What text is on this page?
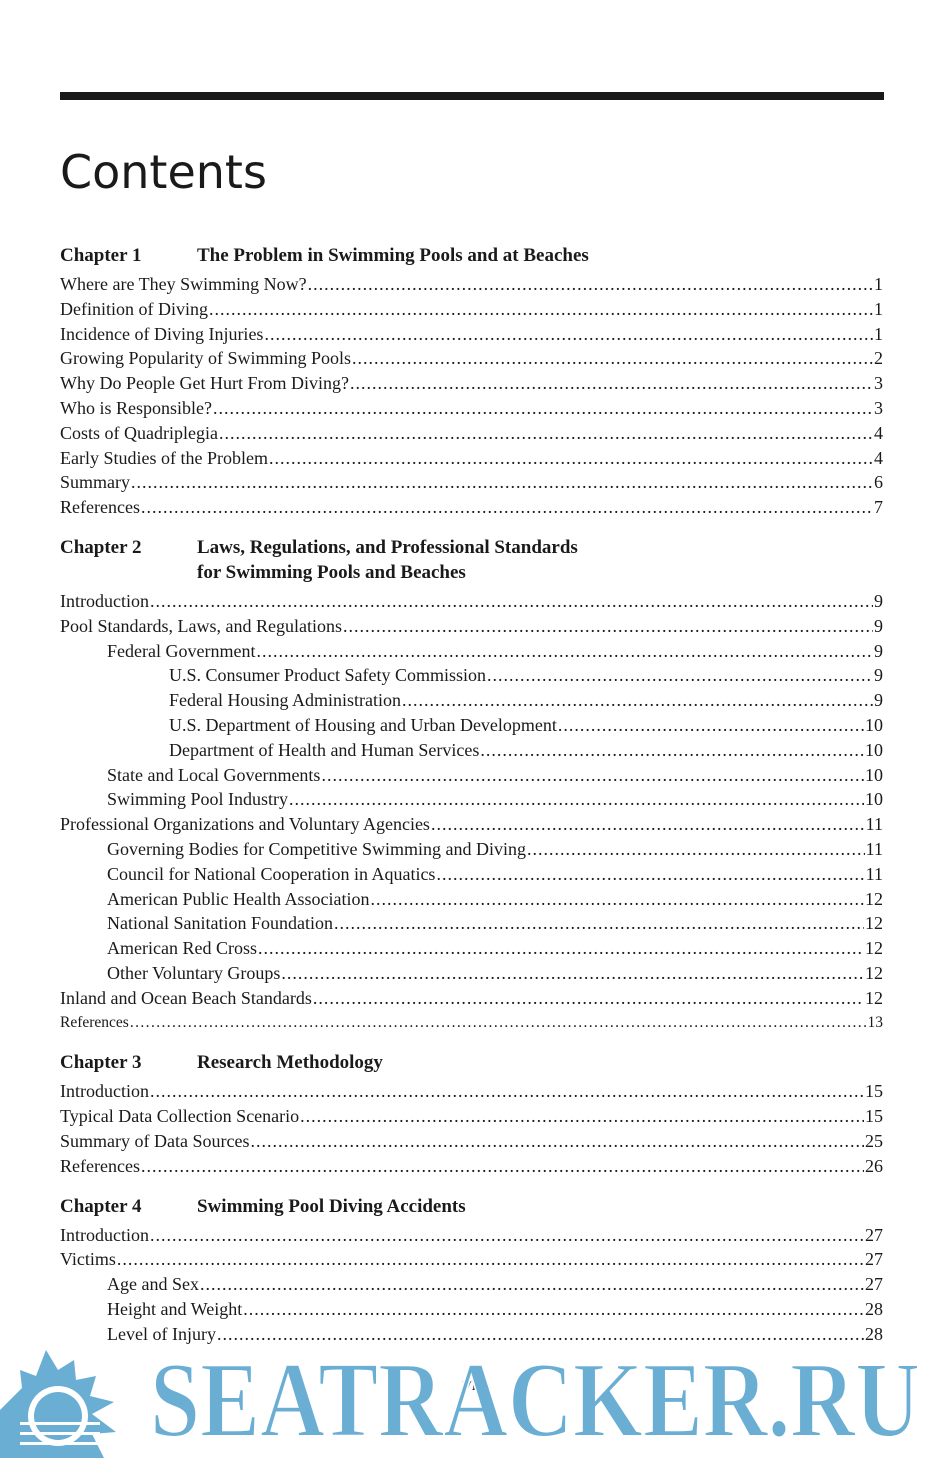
Contents
Chapter 1	The Problem in Swimming Pools and at Beaches
Where are They Swimming Now? .....	1
Definition of Diving .....	1
Incidence of Diving Injuries .....	1
Growing Popularity of Swimming Pools .....	2
Why Do People Get Hurt From Diving? .....	3
Who is Responsible? .....	3
Costs of Quadriplegia .....	4
Early Studies of the Problem .....	4
Summary .....	6
References .....	7
Chapter 2	Laws, Regulations, and Professional Standards
for Swimming Pools and Beaches
Introduction .....	9
Pool Standards, Laws, and Regulations .....	9
Federal Government .....	9
U.S. Consumer Product Safety Commission .....	9
Federal Housing Administration .....	9
U.S. Department of Housing and Urban Development .....	10
Department of Health and Human Services .....	10
State and Local Governments .....	10
Swimming Pool Industry .....	10
Professional Organizations and Voluntary Agencies .....	11
Governing Bodies for Competitive Swimming and Diving .....	11
Council for National Cooperation in Aquatics .....	11
American Public Health Association .....	12
National Sanitation Foundation .....	12
American Red Cross .....	12
Other Voluntary Groups .....	12
Inland and Ocean Beach Standards .....	12
References .....	13
Chapter 3	Research Methodology
Introduction .....	15
Typical Data Collection Scenario .....	15
Summary of Data Sources .....	25
References .....	26
Chapter 4	Swimming Pool Diving Accidents
Introduction .....	27
Victims .....	27
Age and Sex .....	27
Height and Weight .....	28
Level of Injury .....	28
vii
SEATRACKER.RU
